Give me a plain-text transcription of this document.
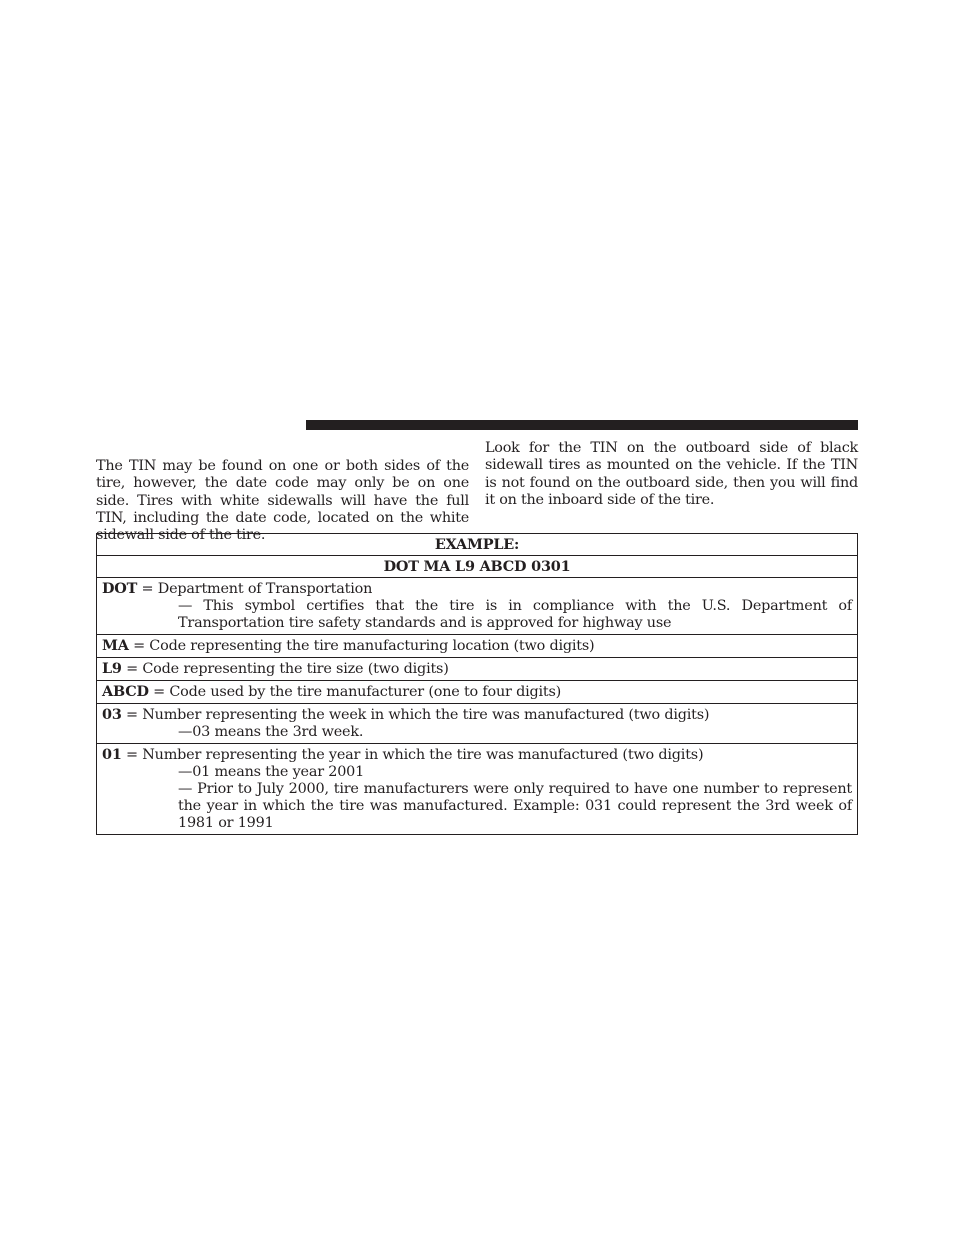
The TIN may be found on one or both sides of the tire, however, the date code may only be on one side. Tires with white sidewalls will have the full TIN, including the date code, located on the white sidewall side of the tire.
Look for the TIN on the outboard side of black sidewall tires as mounted on the vehicle. If the TIN is not found on the outboard side, then you will find it on the inboard side of the tire.
EXAMPLE:
DOT MA L9 ABCD 0301
DOT = Department of Transportation
— This symbol certifies that the tire is in compliance with the U.S. Department of Transportation tire safety standards and is approved for highway use

MA = Code representing the tire manufacturing location (two digits)
L9 = Code representing the tire size (two digits)
ABCD = Code used by the tire manufacturer (one to four digits)
03 = Number representing the week in which the tire was manufactured (two digits)
—03 means the 3rd week.

01 = Number representing the year in which the tire was manufactured (two digits)
—01 means the year 2001
— Prior to July 2000, tire manufacturers were only required to have one number to represent the year in which the tire was manufactured. Example: 031 could represent the 3rd week of 1981 or 1991
